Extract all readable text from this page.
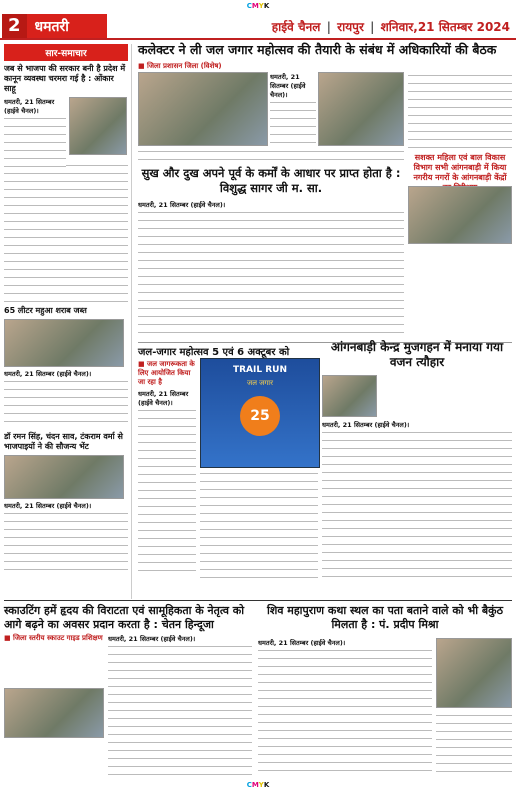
CMYK
2	धमतरी	हाईवे चैनल | रायपुर | शनिवार,21 सितम्बर 2024
सार-समाचार
जब से भाजपा की सरकार बनी है प्रदेश में कानून व्यवस्था चरमरा गई है : ओंकार साहू
धमतरी, 21 सितम्बर (हाईवे चैनल)।
65 लीटर महुआ शराब जब्त
धमतरी, 21 सितम्बर (हाईवे चैनल)।
डॉ रमन सिंह, चंदन साव, टंकराम वर्मा से भाजपाइयों ने की सौजन्य भेंट
धमतरी, 21 सितम्बर (हाईवे चैनल)।
कलेक्टर ने ली जल जगार महोत्सव की तैयारी के संबंध में अधिकारियों की बैठक
■ जिला प्रशासन जिला (विशेष)
धमतरी, 21 सितम्बर (हाईवे चैनल)।
सशक्त महिला एवं बाल विकास विभाग सभी आंगनबाड़ी में किया नगरीय नगरों के आंगनबाड़ी केंद्रों
सुख और दुख अपने पूर्व के कर्मों के आधार पर प्राप्त होता है : विशुद्ध सागर जी म. सा.
धमतरी, 21 सितम्बर (हाईवे चैनल)।
जल-जगार महोत्सव 5 एवं 6 अक्टूबर को
■ जल जागरूकता के लिए आयोजित किया जा रहा है
धमतरी, 21 सितम्बर (हाईवे चैनल)।
TRAIL RUN
जल जगार
25
आंगनबाड़ी केन्द्र मुजगहन में मनाया गया वजन त्यौहार
धमतरी, 21 सितम्बर (हाईवे चैनल)।
स्काउटिंग हमें हृदय की विराटता एवं सामूहिकता के नेतृत्व को आगे बढ़ने का अवसर प्रदान करता है : चेतन हिन्दूजा
■ जिला स्तरीय स्काउट गाइड प्रशिक्षण धमतरी, 21 सितम्बर (हाईवे चैनल)।
शिव महापुराण कथा स्थल का पता बताने वाले को भी बैकुंठ मिलता है : पं. प्रदीप मिश्रा
धमतरी, 21 सितम्बर (हाईवे चैनल)।
CMYK
